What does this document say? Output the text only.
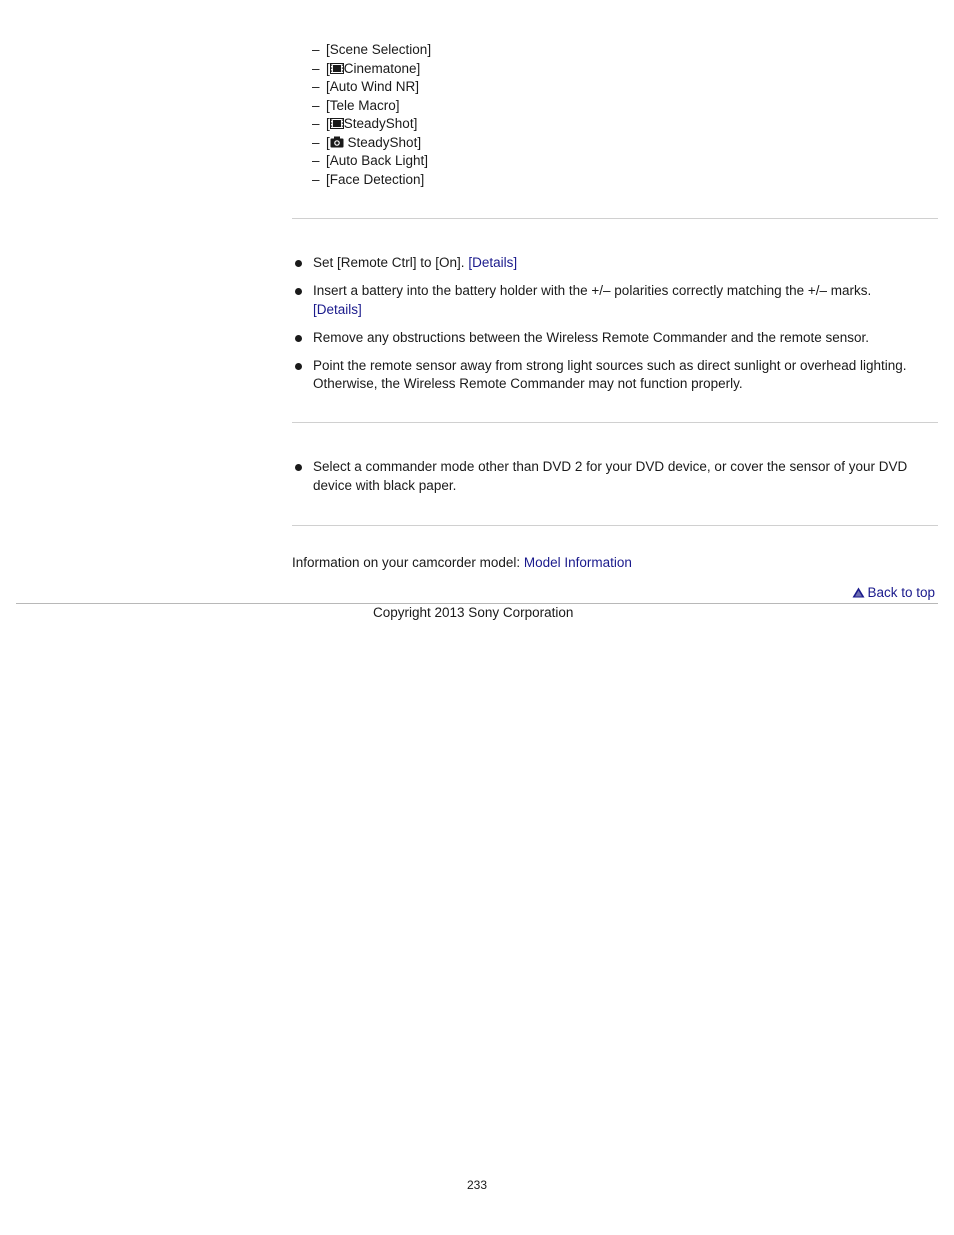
– [Scene Selection]
– [ Cinematone]
– [Auto Wind NR]
– [Tele Macro]
– [ SteadyShot]
– [ SteadyShot]
– [Auto Back Light]
– [Face Detection]
Set [Remote Ctrl] to [On]. [Details]
Insert a battery into the battery holder with the +/– polarities correctly matching the +/– marks.
[Details]
Remove any obstructions between the Wireless Remote Commander and the remote sensor.
Point the remote sensor away from strong light sources such as direct sunlight or overhead lighting. Otherwise, the Wireless Remote Commander may not function properly.
Select a commander mode other than DVD 2 for your DVD device, or cover the sensor of your DVD device with black paper.
Information on your camcorder model: Model Information
Back to top
Copyright 2013 Sony Corporation
233
